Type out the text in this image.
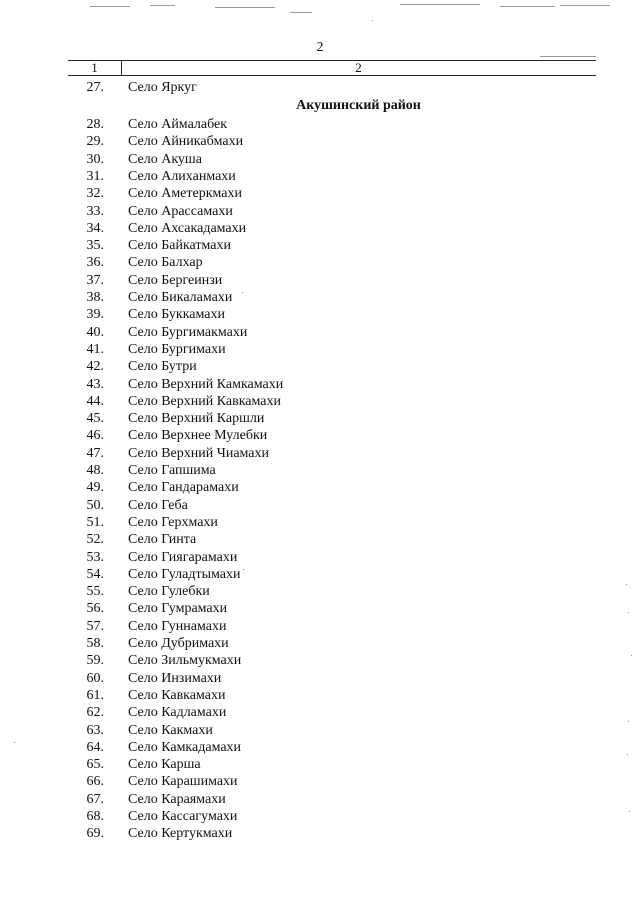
2
1	2
27. Село Яркуг
Акушинский район
28. Село Аймалабек
29. Село Айникабмахи
30. Село Акуша
31. Село Алиханмахи
32. Село Аметеркмахи
33. Село Арассамахи
34. Село Ахсакадамахи
35. Село Байкатмахи
36. Село Балхар
37. Село Бергеинзи
38. Село Бикаламахи
39. Село Буккамахи
40. Село Бургимакмахи
41. Село Бургимахи
42. Село Бутри
43. Село Верхний Камкамахи
44. Село Верхний Кавкамахи
45. Село Верхний Каршли
46. Село Верхнее Мулебки
47. Село Верхний Чиамахи
48. Село Гапшима
49. Село Гандарамахи
50. Село Геба
51. Село Герхмахи
52. Село Гинта
53. Село Гиягарамахи
54. Село Гуладтымахи
55. Село Гулебки
56. Село Гумрамахи
57. Село Гуннамахи
58. Село Дубримахи
59. Село Зильмукмахи
60. Село Инзимахи
61. Село Кавкамахи
62. Село Кадламахи
63. Село Какмахи
64. Село Камкадамахи
65. Село Карша
66. Село Карашимахи
67. Село Караямахи
68. Село Кассагумахи
69. Село Кертукмахи
